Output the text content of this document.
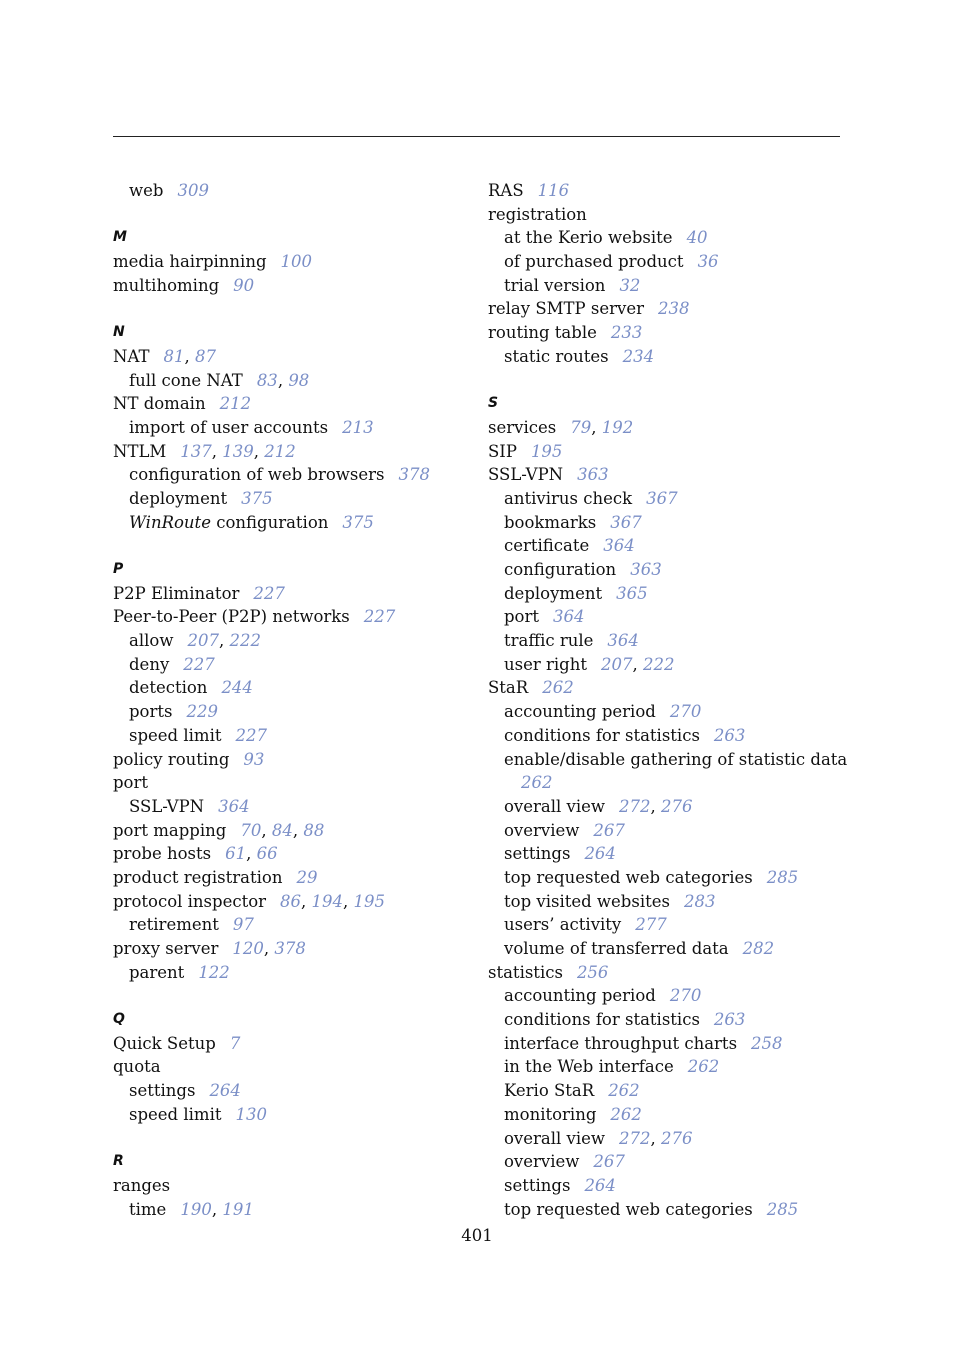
web 309
M
media hairpinning 100
multihoming 90
N
NAT 81, 87
full cone NAT 83, 98
NT domain 212
import of user accounts 213
NTLM 137, 139, 212
configuration of web browsers 378
deployment 375
WinRoute configuration 375
P
P2P Eliminator 227
Peer-to-Peer (P2P) networks 227
allow 207, 222
deny 227
detection 244
ports 229
speed limit 227
policy routing 93
port
SSL-VPN 364
port mapping 70, 84, 88
probe hosts 61, 66
product registration 29
protocol inspector 86, 194, 195
retirement 97
proxy server 120, 378
parent 122
Q
Quick Setup 7
quota
settings 264
speed limit 130
R
ranges
time 190, 191
RAS 116
registration
at the Kerio website 40
of purchased product 36
trial version 32
relay SMTP server 238
routing table 233
static routes 234
S
services 79, 192
SIP 195
SSL-VPN 363
antivirus check 367
bookmarks 367
certificate 364
configuration 363
deployment 365
port 364
traffic rule 364
user right 207, 222
StaR 262
accounting period 270
conditions for statistics 263
enable/disable gathering of statistic data
262
overall view 272, 276
overview 267
settings 264
top requested web categories 285
top visited websites 283
users’ activity 277
volume of transferred data 282
statistics 256
accounting period 270
conditions for statistics 263
interface throughput charts 258
in the Web interface 262
Kerio StaR 262
monitoring 262
overall view 272, 276
overview 267
settings 264
top requested web categories 285
401
